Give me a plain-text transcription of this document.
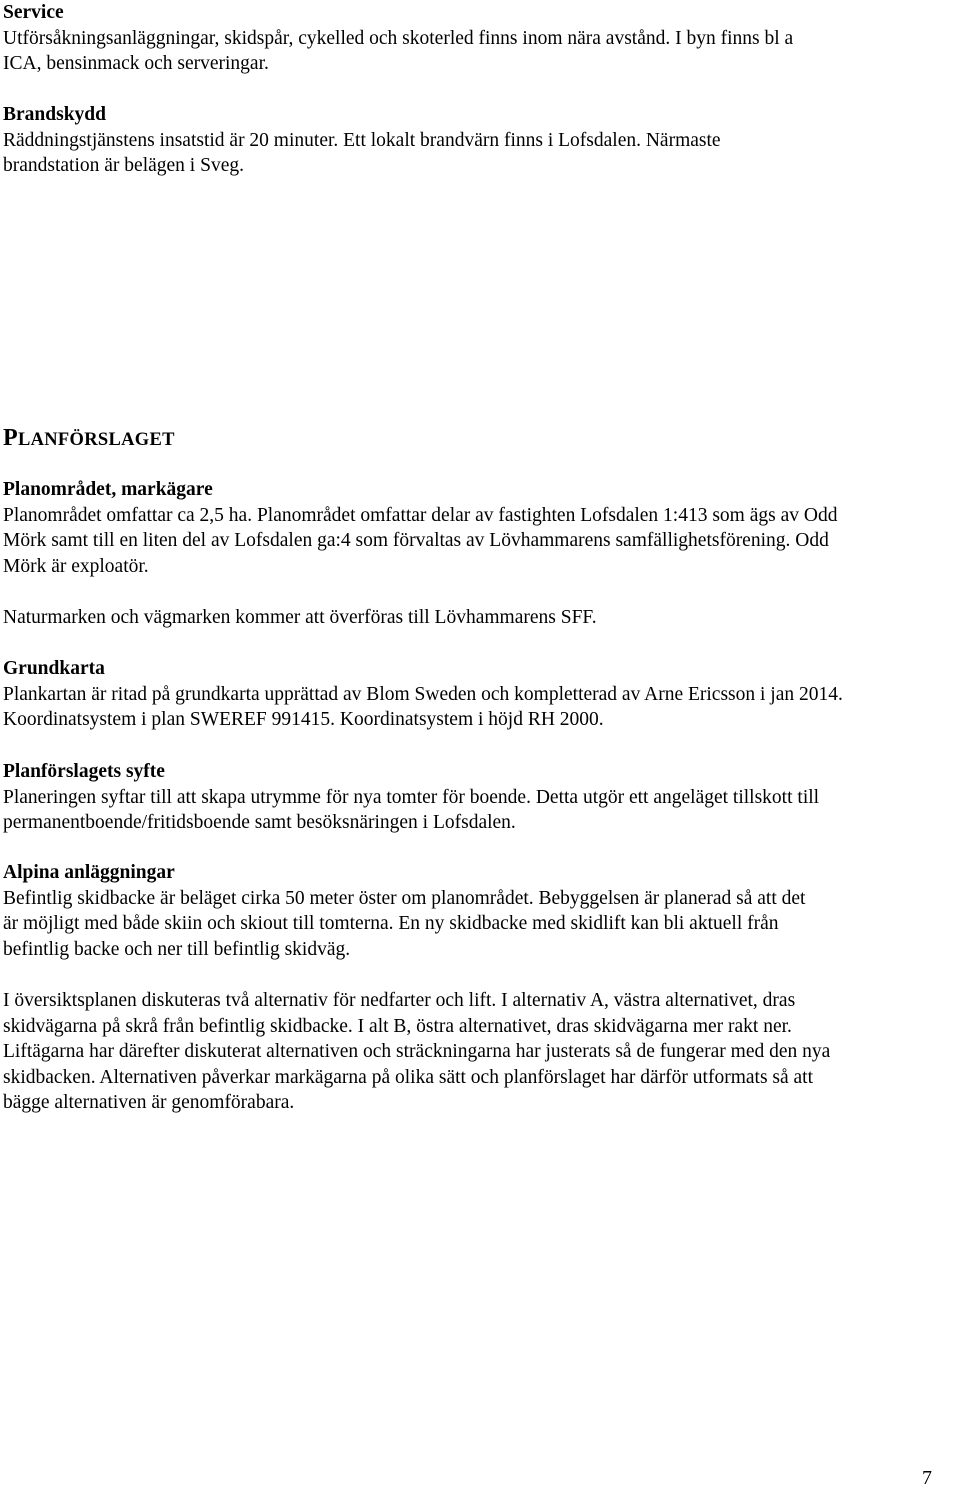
Service
Utförsåkningsanläggningar, skidspår, cykelled och skoterled finns inom nära avstånd. I byn finns bl a
ICA, bensinmack och serveringar.
Brandskydd
Räddningstjänstens insatstid är 20 minuter. Ett lokalt brandvärn finns i Lofsdalen. Närmaste
brandstation är belägen i Sveg.
PLANFÖRSLAGET
Planområdet, markägare
Planområdet omfattar ca 2,5 ha. Planområdet omfattar delar av fastighten Lofsdalen 1:413 som ägs av Odd
Mörk samt till en liten del av Lofsdalen ga:4 som förvaltas av Lövhammarens samfällighetsförening. Odd
Mörk är exploatör.
Naturmarken och vägmarken kommer att överföras till Lövhammarens SFF.
Grundkarta
Plankartan är ritad på grundkarta upprättad av Blom Sweden och kompletterad av Arne Ericsson i jan 2014.
Koordinatsystem i plan SWEREF 991415. Koordinatsystem i höjd RH 2000.
Planförslagets syfte
Planeringen syftar till att skapa utrymme för nya tomter för boende. Detta utgör ett angeläget tillskott till
permanentboende/fritidsboende samt besöksnäringen i Lofsdalen.
Alpina anläggningar
Befintlig skidbacke är beläget cirka 50 meter öster om planområdet. Bebyggelsen är planerad så att det
är möjligt med både skiin och skiout till tomterna. En ny skidbacke med skidlift kan bli aktuell från
befintlig backe och ner till befintlig skidväg.
I översiktsplanen diskuteras två alternativ för nedfarter och lift. I alternativ A, västra alternativet, dras
skidvägarna på skrå från befintlig skidbacke. I alt B, östra alternativet, dras skidvägarna mer rakt ner.
Liftägarna har därefter diskuterat alternativen och sträckningarna har justerats så de fungerar med den nya
skidbacken. Alternativen påverkar markägarna på olika sätt och planförslaget har därför utformats så att
bägge alternativen är genomförabara.
7
